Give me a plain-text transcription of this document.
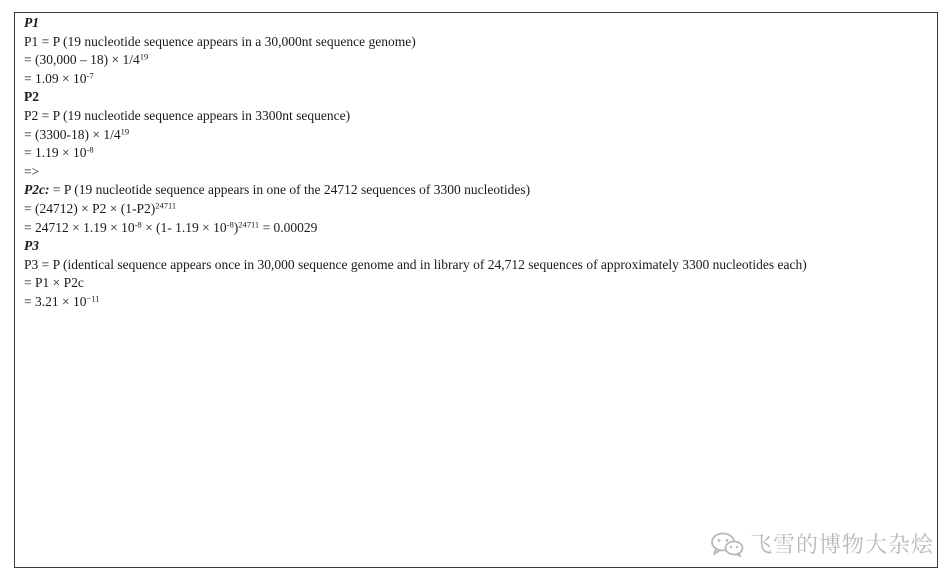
P1
P1 = P (19 nucleotide sequence appears in a 30,000nt sequence genome)
= $(30,000 - 18) \times 1/4^{19}$
= $1.09 \times 10^{-7}$
P2
P2 = P (19 nucleotide sequence appears in 3300nt sequence)
= $(3300-18) \times 1/4^{19}$
= $1.19 \times 10^{-8}$
=>
P2c: = P (19 nucleotide sequence appears in one of the 24712 sequences of 3300 nucleotides)
= $(24712) \times P2 \times (1-P2)^{24711}$
= $24712 \times 1.19 \times 10^{-8} \times (1-$ $1.19 \times 10^{-8})^{24711} = 0.00029$
P3
P3 = P (identical sequence appears once in 30,000 sequence genome and in library of 24,712 sequences of approximately 3300 nucleotides each)
= P1 × P2c
= $3.21 \times 10^{-11}$
飞雪的博物大杂烩
